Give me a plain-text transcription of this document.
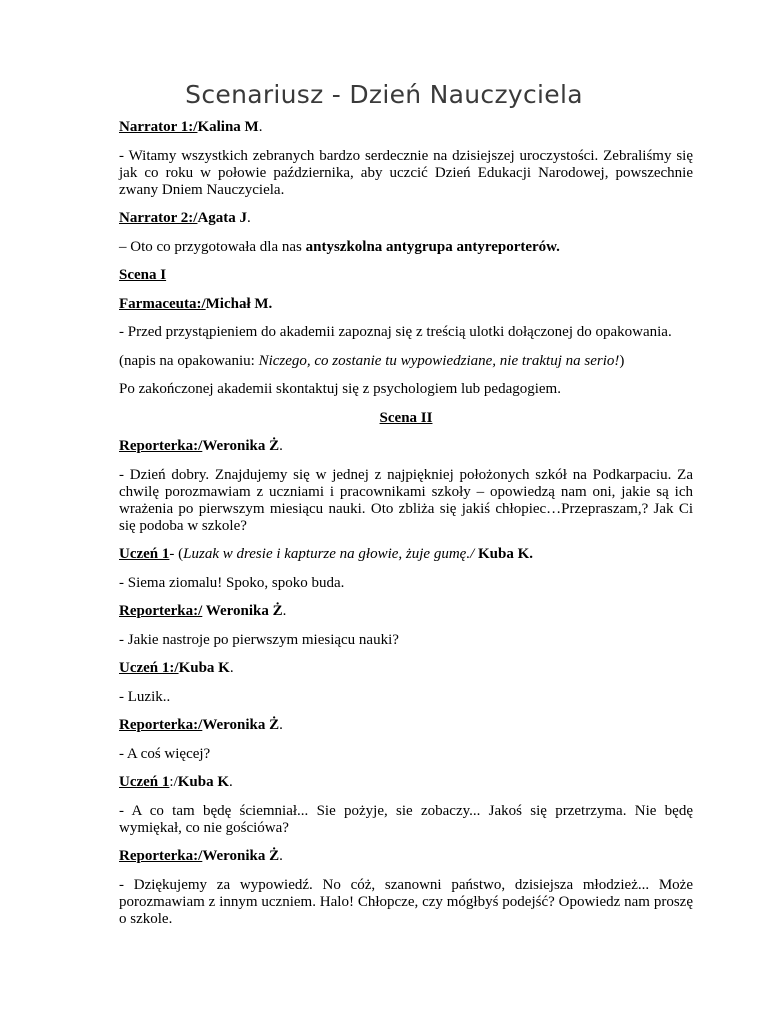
Scenariusz - Dzień Nauczyciela

Narrator 1:/Kalina M.

- Witamy wszystkich zebranych bardzo serdecznie na dzisiejszej uroczystości. Zebraliśmy się jak co roku w połowie października, aby uczcić Dzień Edukacji Narodowej, powszechnie zwany Dniem Nauczyciela.

Narrator 2:/Agata J.

– Oto co przygotowała dla nas antyszkolna antygrupa antyreporterów.

Scena I

Farmaceuta:/Michał M.

- Przed przystąpieniem do akademii zapoznaj się z treścią ulotki dołączonej do opakowania.

(napis na opakowaniu: Niczego, co zostanie tu wypowiedziane, nie traktuj na serio!)

Po zakończonej akademii skontaktuj się z psychologiem lub pedagogiem.

Scena II

Reporterka:/Weronika Ż.

- Dzień dobry. Znajdujemy się w jednej z najpiękniej położonych szkół na Podkarpaciu. Za chwilę porozmawiam z uczniami i pracownikami szkoły – opowiedzą nam oni, jakie są ich wrażenia po pierwszym miesiącu nauki. Oto zbliża się jakiś chłopiec…Przepraszam,? Jak Ci się podoba w szkole?

Uczeń 1- (Luzak w dresie i kapturze na głowie, żuje gumę./ Kuba K.

- Siema ziomalu! Spoko, spoko buda.

Reporterka:/ Weronika Ż.

- Jakie nastroje po pierwszym miesiącu nauki?

Uczeń 1:/Kuba K.

- Luzik..

Reporterka:/Weronika Ż.

- A coś więcej?

Uczeń 1:/Kuba K.

- A co tam będę ściemniał... Sie pożyje, sie zobaczy... Jakoś się przetrzyma. Nie będę wymiękał, co nie gościówa?

Reporterka:/Weronika Ż.

- Dziękujemy za wypowiedź. No cóż, szanowni państwo, dzisiejsza młodzież... Może porozmawiam z innym uczniem. Halo! Chłopcze, czy mógłbyś podejść? Opowiedz nam proszę o szkole.
